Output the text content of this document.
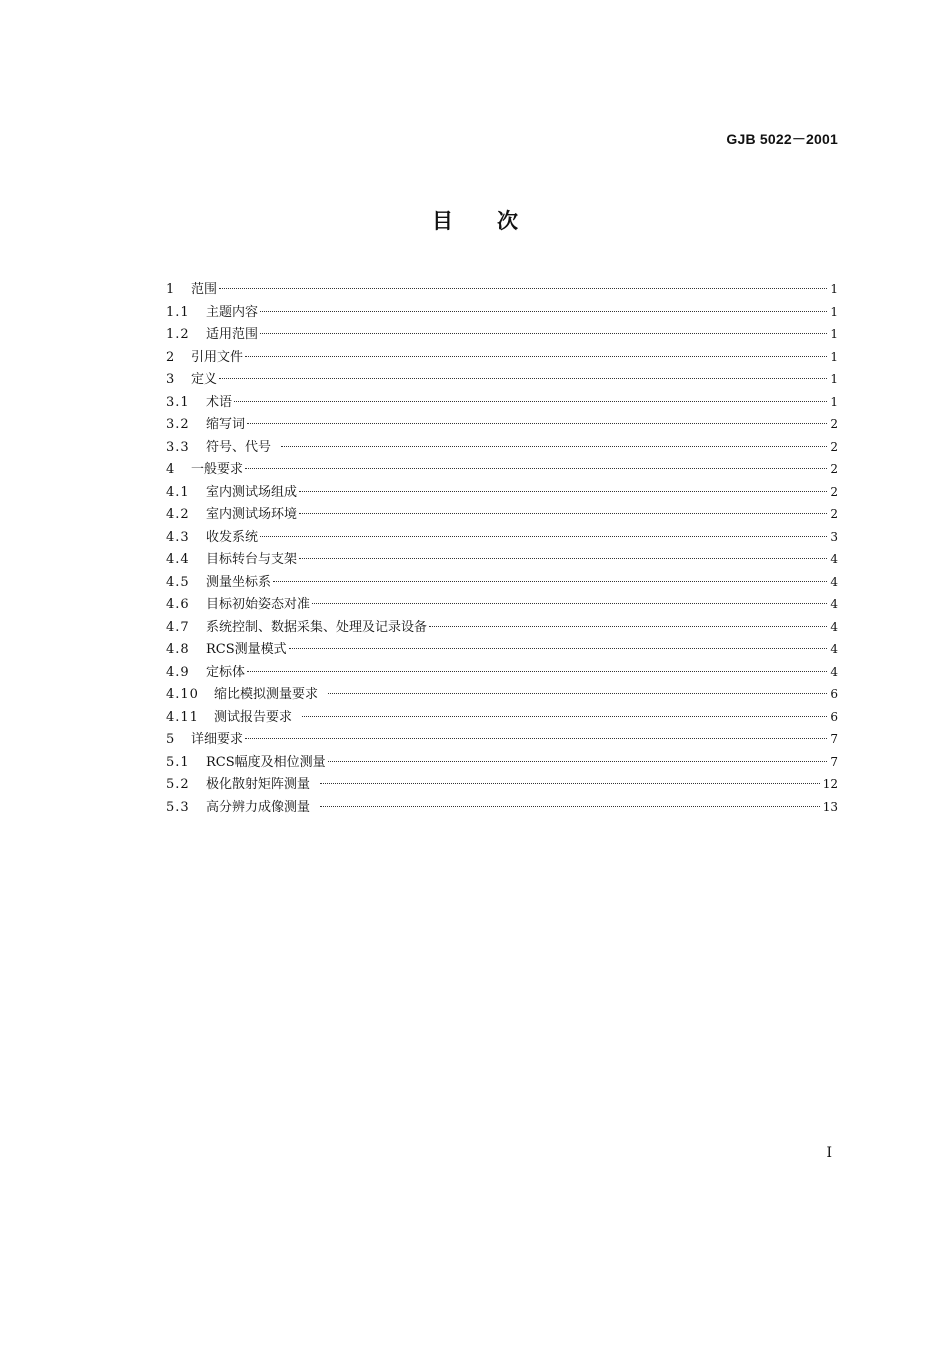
GJB 5022－2001
目次
1	范围	1
1.1	主题内容	1
1.2	适用范围	1
2	引用文件	1
3	定义	1
3.1	术语	1
3.2	缩写词	2
3.3	符号、代号	2
4	一般要求	2
4.1	室内测试场组成	2
4.2	室内测试场环境	2
4.3	收发系统	3
4.4	目标转台与支架	4
4.5	测量坐标系	4
4.6	目标初始姿态对准	4
4.7	系统控制、数据采集、处理及记录设备	4
4.8	RCS测量模式	4
4.9	定标体	4
4.10	缩比模拟测量要求	6
4.11	测试报告要求	6
5	详细要求	7
5.1	RCS幅度及相位测量	7
5.2	极化散射矩阵测量	12
5.3	高分辨力成像测量	13
I
